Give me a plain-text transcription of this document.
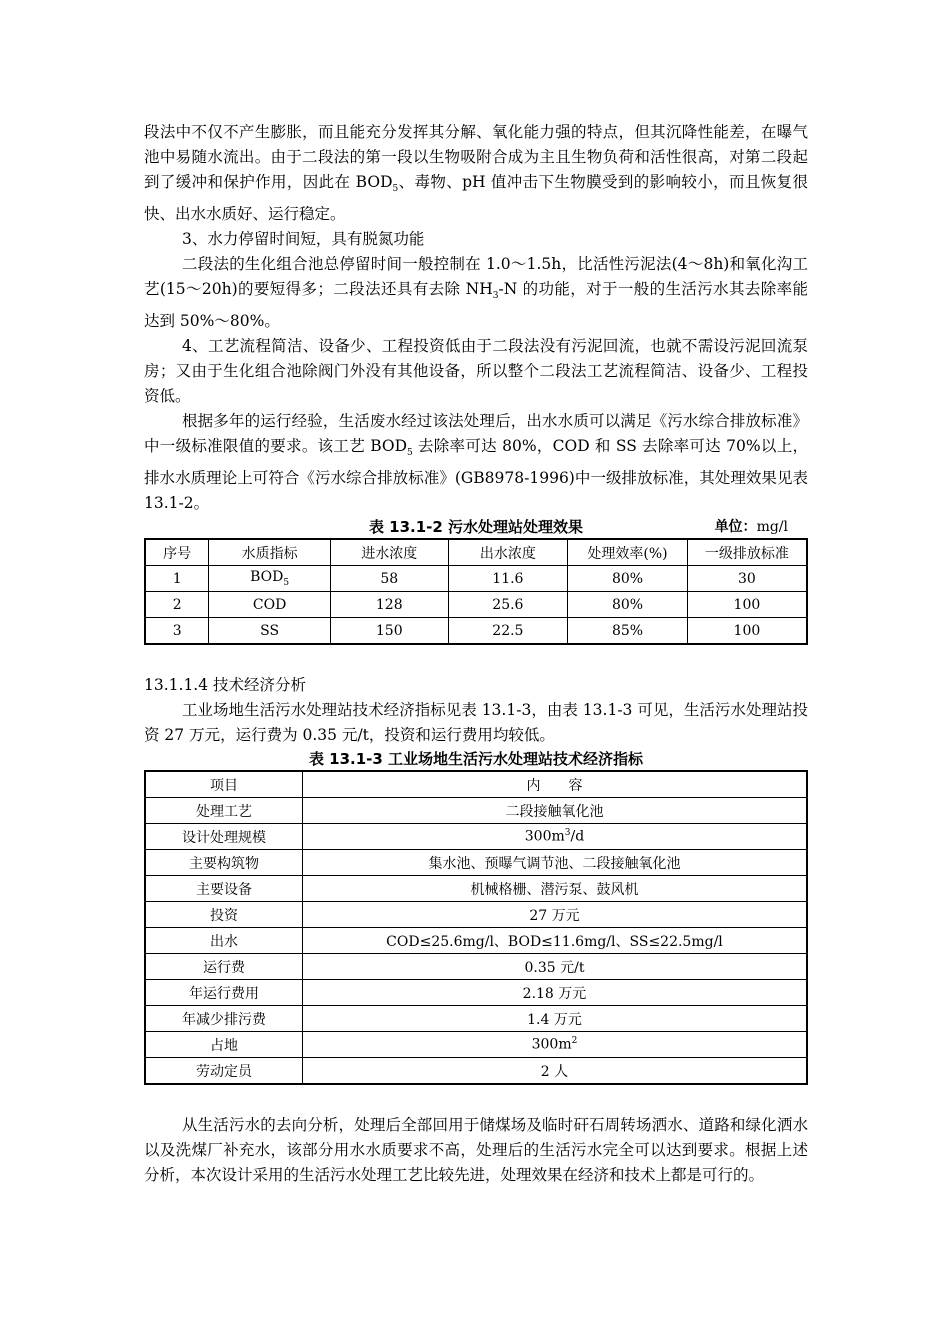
段法中不仅不产生膨胀，而且能充分发挥其分解、氧化能力强的特点，但其沉降性能差，在曝气池中易随水流出。由于二段法的第一段以生物吸附合成为主且生物负荷和活性很高，对第二段起到了缓冲和保护作用，因此在 $BOD_5$、毒物、pH 值冲击下生物膜受到的影响较小，而且恢复很快、出水水质好、运行稳定。

3、水力停留时间短，具有脱氮功能

二段法的生化组合池总停留时间一般控制在 1.0～1.5h，比活性污泥法(4～8h)和氧化沟工艺(15～20h)的要短得多；二段法还具有去除 $NH_3-N$ 的功能，对于一般的生活污水其去除率能达到 50%～80%。

4、工艺流程简洁、设备少、工程投资低由于二段法没有污泥回流，也就不需设污泥回流泵房；又由于生化组合池除阀门外没有其他设备，所以整个二段法工艺流程简洁、设备少、工程投资低。

根据多年的运行经验，生活废水经过该法处理后，出水水质可以满足《污水综合排放标准》中一级标准限值的要求。该工艺 $BOD_5$ 去除率可达 80%，COD 和 SS 去除率可达 70%以上，排水水质理论上可符合《污水综合排放标准》(GB8978-1996)中一级排放标准，其处理效果见表 13.1-2。

表 13.1-2 污水处理站处理效果	单位：mg/l
序号	水质指标	进水浓度	出水浓度	处理效率(%)	一级排放标准
1	$BOD_5$	58	11.6	80%	30
2	COD	128	25.6	80%	100
3	SS	150	22.5	85%	100

13.1.1.4 技术经济分析

工业场地生活污水处理站技术经济指标见表 13.1-3，由表 13.1-3 可见，生活污水处理站投资 27 万元，运行费为 0.35 元/t，投资和运行费用均较低。

表 13.1-3 工业场地生活污水处理站技术经济指标

项目	内　　容
处理工艺	二段接触氧化池
设计处理规模	$300m^3/d$
主要构筑物	集水池、预曝气调节池、二段接触氧化池
主要设备	机械格栅、潜污泵、鼓风机
投资	27 万元
出水	COD≤25.6mg/l、BOD≤11.6mg/l、SS≤22.5mg/l
运行费	0.35 元/t
年运行费用	2.18 万元
年减少排污费	1.4 万元
占地	$300m^2$
劳动定员	2 人

从生活污水的去向分析，处理后全部回用于储煤场及临时矸石周转场洒水、道路和绿化洒水以及洗煤厂补充水，该部分用水水质要求不高，处理后的生活污水完全可以达到要求。根据上述分析，本次设计采用的生活污水处理工艺比较先进，处理效果在经济和技术上都是可行的。
